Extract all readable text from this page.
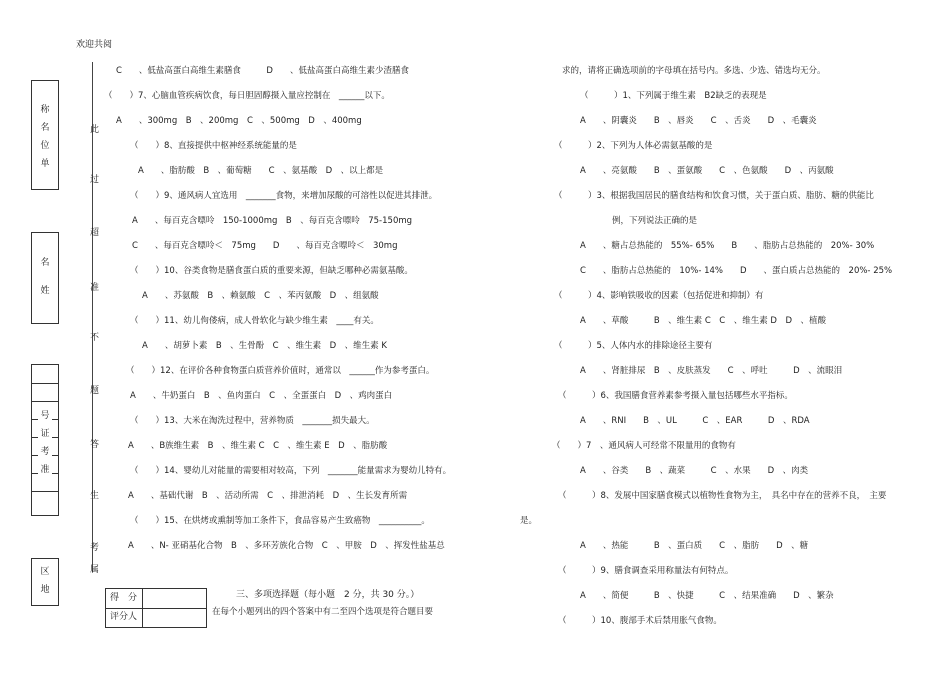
欢迎共阅
称名位单
名姓
号证考准
区地
此
过
超
准
不
题
答
生
考
属
C　　、低盐高蛋白高维生素膳食　　　D　　、低盐高蛋白高维生素少渣膳食
（　　）7、心脑血管疾病饮食，每日胆固醇摄入量应控制在　______以下。
A　　、300mg　B　、200mg　C　、500mg　D　、400mg
（　　）8、直接提供中枢神经系统能量的是
A　　、脂肪酸　B　、葡萄糖　　C　、氨基酸　D　、以上都是
（　　）9、通风病人宜选用　_______食物，来增加尿酸的可溶性以促进其排泄。
A　　、每百克含嘌呤　150-1000mg　B　、每百克含嘌呤　75-150mg
C　　、每百克含嘌呤＜　75mg　　D　　、每百克含嘌呤＜　30mg
（　　）10、谷类食物是膳食蛋白质的重要来源，但缺乏哪种必需氨基酸。
A　　、苏氨酸　B　、赖氨酸　C　、苯丙氨酸　D　、组氨酸
（　　）11、幼儿佝偻病，成人骨软化与缺少维生素　____有关。
A　　、胡萝卜素　B　、生骨酚　C　、维生素　D　、维生素 K
（　　）12、在评价各种食物蛋白质营养价值时，通常以　______作为参考蛋白。
A　　、牛奶蛋白　B　、鱼肉蛋白　C　、全蛋蛋白　D　、鸡肉蛋白
（　　）13、大米在淘洗过程中，营养物质　_______损失最大。
A　　、B族维生素　B　、维生素 C　C　、维生素 E　D　、脂肪酸
（　　）14、婴幼儿对能量的需要相对较高，下列　_______能量需求为婴幼儿特有。
A　　、基础代谢　B　、活动所需　C　、排泄消耗　D　、生长发育所需
（　　）15、在烘烤或熏制等加工条件下，食品容易产生致癌物　__________。
A　　、N- 亚硝基化合物　B　、多环芳族化合物　C　、甲胺　D　、挥发性盐基总
得　分
评分人
三、多项选择题（每小题　2 分，共 30 分。）
在每个小题列出的四个答案中有二至四个选项是符合题目要
求的，请将正确选项前的字母填在括号内。多选、少选、错选均无分。
（　　　）1、下列属于维生素　B2缺乏的表现是
A　　、阴囊炎　　B　、唇炎　　C　、舌炎　　D　、毛囊炎
（　　　）2、下列为人体必需氨基酸的是
A　　、亮氨酸　　B　、蛋氨酸　　C　、色氨酸　　D　、丙氨酸
（　　　）3、根据我国居民的膳食结构和饮食习惯，关于蛋白质、脂肪、糖的供能比
例，下列说法正确的是
A　　、糖占总热能的　55%- 65%　　B　　、脂肪占总热能的　20%- 30%
C　　、脂肪占总热能的　10%- 14%　　D　　、蛋白质占总热能的　20%- 25%
（　　　）4、影响铁吸收的因素（包括促进和抑制）有
A　　、草酸　　　B　、维生素 C　C　、维生素 D　D　、植酸
（　　　）5、人体内水的排除途径主要有
A　　、肾脏排尿　B　、皮肤蒸发　　C　、呼吐　　　D　、流眼泪
（　　　）6、我国膳食营养素参考摄入量包括哪些水平指标。
A　　、RNI　　B　、UL　　　C　、EAR　　　D　、RDA
（　　）7　、通风病人可经常不限量用的食物有
A　　、谷类　　B　、蔬菜　　　C　、水果　　D　、肉类
（　　　）8、发展中国家膳食模式以植物性食物为主，　具名中存在的营养不良，　主要
是。
A　　、热能　　　B　、蛋白质　　C　、脂肪　　D　、糖
（　　　）9、膳食调查采用称量法有何特点。
A　　、简便　　　B　、快捷　　　C　、结果准确　　D　、繁杂
（　　　）10、腹部手术后禁用胀气食物。
